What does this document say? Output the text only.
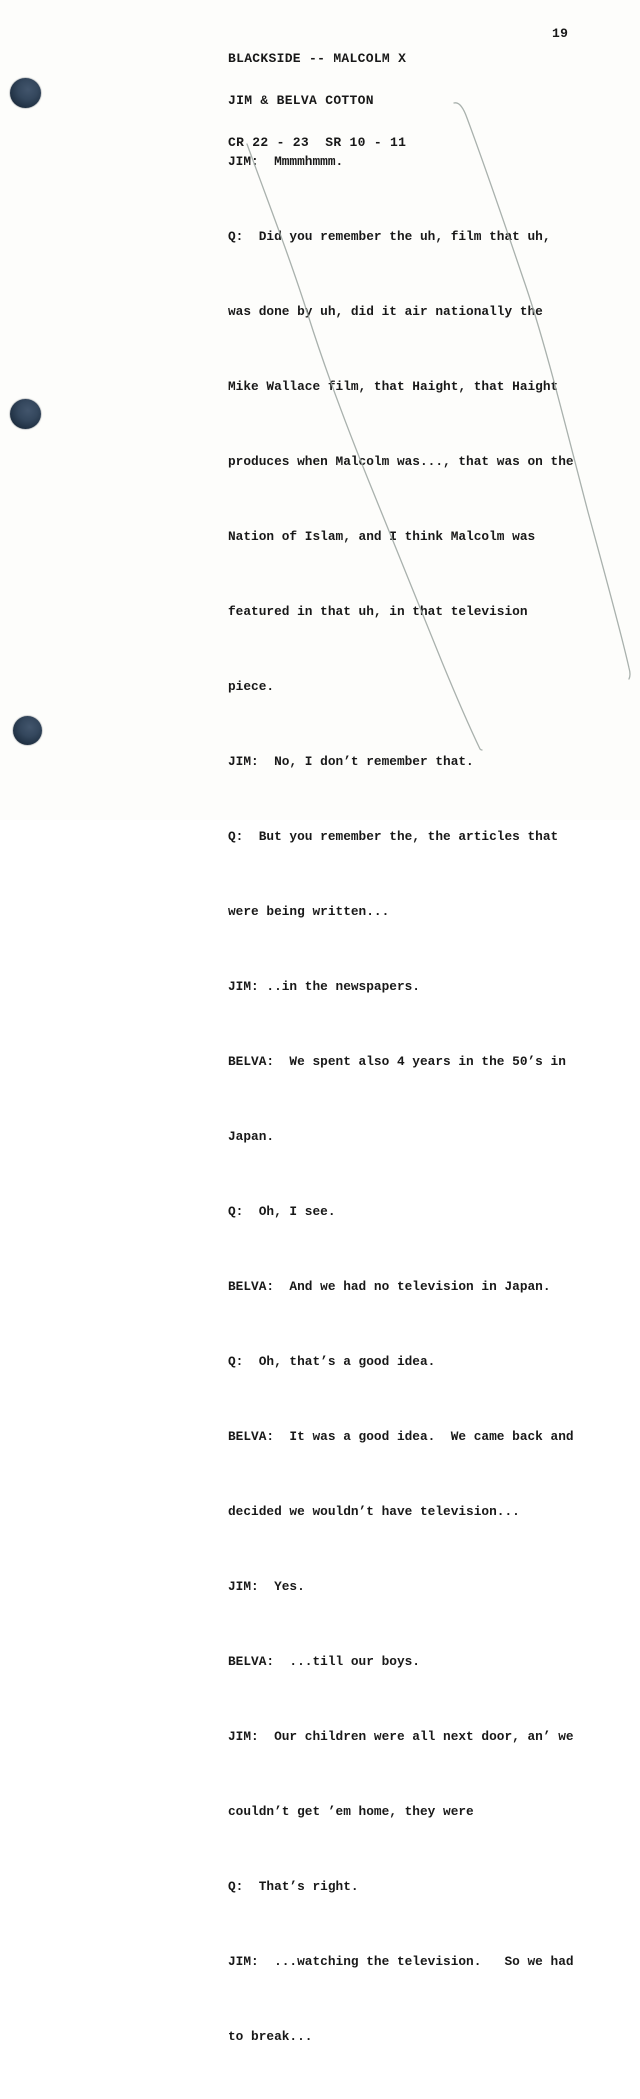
BLACKSIDE -- MALCOLM X

JIM & BELVA COTTON

CR 22 - 23  SR 10 - 11

19

JIM:  Mmmmhmmm.

Q:  Did you remember the uh, film that uh,

was done by uh, did it air nationally the

Mike Wallace film, that Haight, that Haight

produces when Malcolm was..., that was on the

Nation of Islam, and I think Malcolm was

featured in that uh, in that television

piece.

JIM:  No, I don’t remember that.

Q:  But you remember the, the articles that

were being written...

JIM: ..in the newspapers.

BELVA:  We spent also 4 years in the 50’s in

Japan.

Q:  Oh, I see.

BELVA:  And we had no television in Japan.

Q:  Oh, that’s a good idea.

BELVA:  It was a good idea.  We came back and

decided we wouldn’t have television...

JIM:  Yes.

BELVA:  ...till our boys.

JIM:  Our children were all next door, an’ we

couldn’t get ’em home, they were

Q:  That’s right.

JIM:  ...watching the television.   So we had

to break...
